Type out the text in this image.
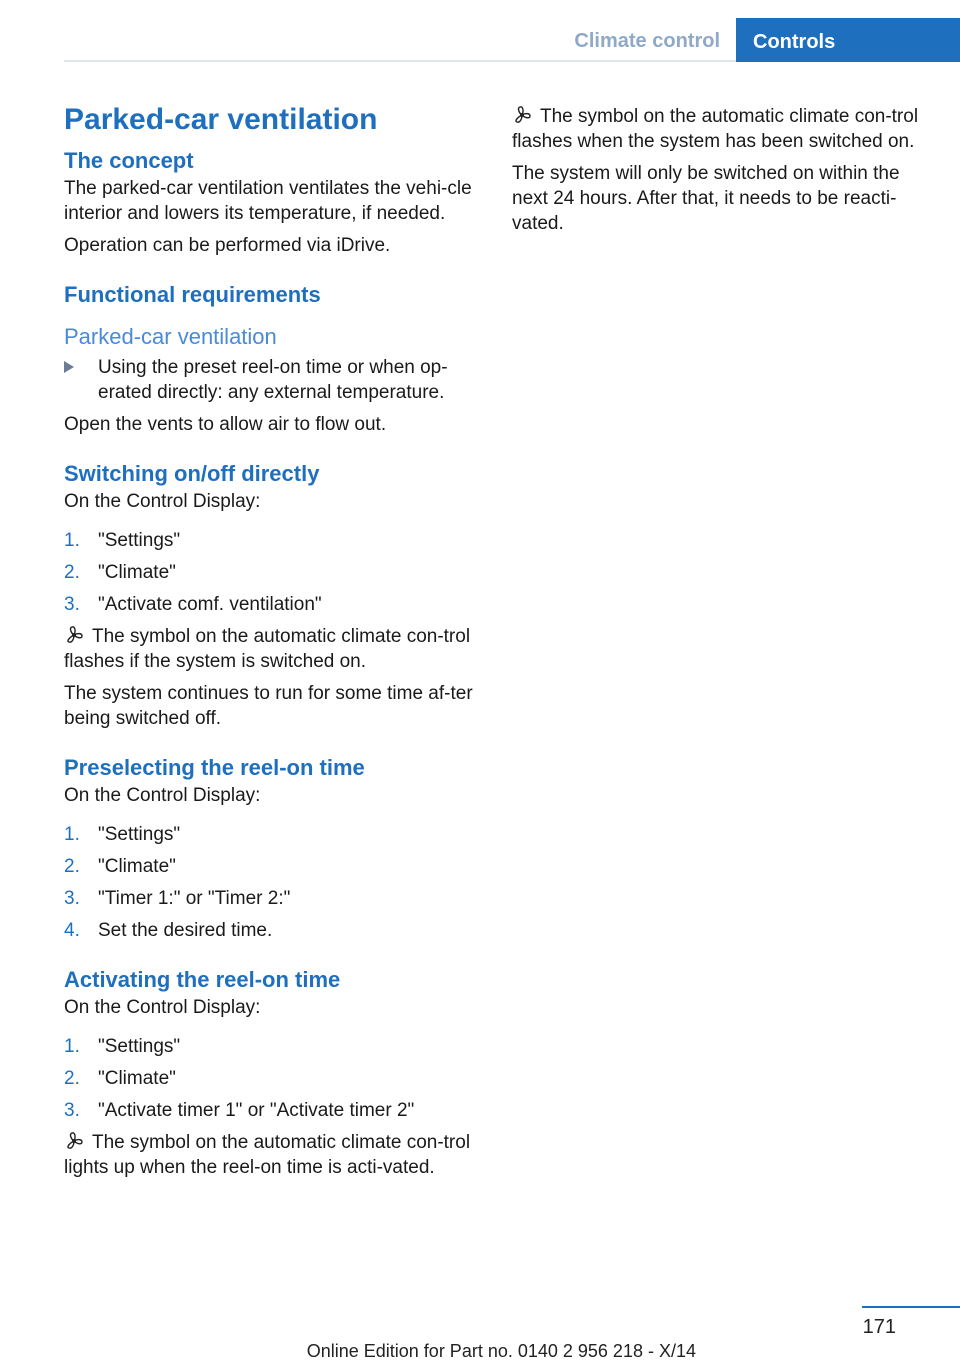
Climate control	Controls
Parked-car ventilation
The concept
The parked-car ventilation ventilates the vehi‐cle interior and lowers its temperature, if needed.
Operation can be performed via iDrive.
Functional requirements
Parked-car ventilation
Using the preset reel-on time or when op‐erated directly: any external temperature.
Open the vents to allow air to flow out.
Switching on/off directly
On the Control Display:
1. "Settings"
2. "Climate"
3. "Activate comf. ventilation"
The symbol on the automatic climate con‐trol flashes if the system is switched on.
The system continues to run for some time af‐ter being switched off.
Preselecting the reel-on time
On the Control Display:
1. "Settings"
2. "Climate"
3. "Timer 1:" or "Timer 2:"
4. Set the desired time.
Activating the reel-on time
On the Control Display:
1. "Settings"
2. "Climate"
3. "Activate timer 1" or "Activate timer 2"
The symbol on the automatic climate con‐trol lights up when the reel-on time is acti‐vated.
The symbol on the automatic climate con‐trol flashes when the system has been switched on.
The system will only be switched on within the next 24 hours. After that, it needs to be reacti‐vated.
171
Online Edition for Part no. 0140 2 956 218 - X/14
